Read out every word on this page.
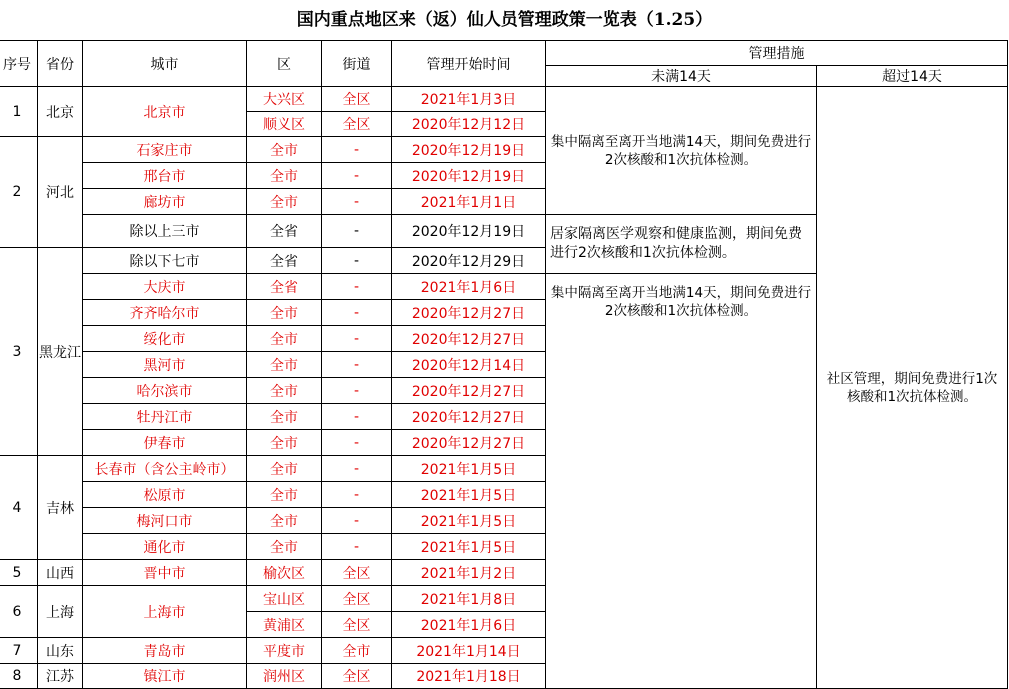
国内重点地区来（返）仙人员管理政策一览表（1.25）
序号	省份	城市	区	街道	管理开始时间	管理措施	
						未满14天	超过14天
1	北京	北京市	大兴区	全区	2021年1月3日	集中隔离至离开当地满14天，期间免费进行2次核酸和1次抗体检测。	社区管理，期间免费进行1次核酸和1次抗体检测。
			顺义区	全区	2020年12月12日		
2	河北	石家庄市	全市	-	2020年12月19日		
		邢台市	全市	-	2020年12月19日		
		廊坊市	全市	-	2021年1月1日		
		除以上三市	全省	-	2020年12月19日	居家隔离医学观察和健康监测，期间免费进行2次核酸和1次抗体检测。	
3	黑龙江	除以下七市	全省	-	2020年12月29日		
		大庆市	全省	-	2021年1月6日	集中隔离至离开当地满14天，期间免费进行2次核酸和1次抗体检测。	
		齐齐哈尔市	全市	-	2020年12月27日		
		绥化市	全市	-	2020年12月27日		
		黑河市	全市	-	2020年12月14日		
		哈尔滨市	全市	-	2020年12月27日		
		牡丹江市	全市	-	2020年12月27日		
		伊春市	全市	-	2020年12月27日		
4	吉林	长春市（含公主岭市）	全市	-	2021年1月5日		
		松原市	全市	-	2021年1月5日		
		梅河口市	全市	-	2021年1月5日		
		通化市	全市	-	2021年1月5日		
5	山西	晋中市	榆次区	全区	2021年1月2日		
6	上海	上海市	宝山区	全区	2021年1月8日		
			黄浦区	全区	2021年1月6日		
7	山东	青岛市	平度市	全市	2021年1月14日		
8	江苏	镇江市	润州区	全区	2021年1月18日		
